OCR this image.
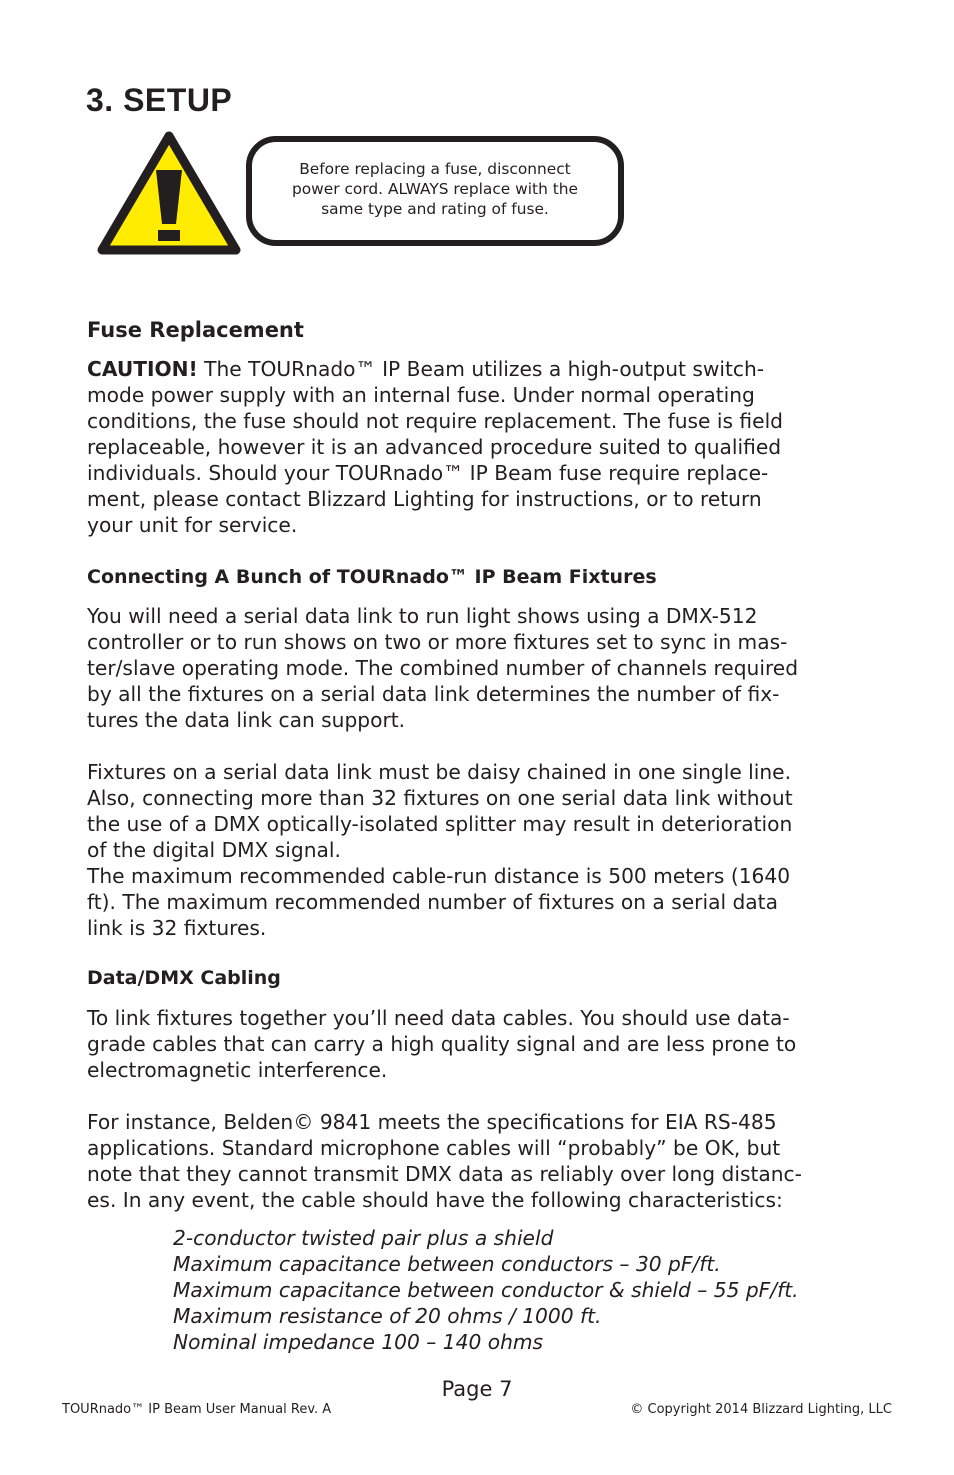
3. SETUP
Before replacing a fuse, disconnect
power cord. ALWAYS replace with the
same type and rating of fuse.
Fuse Replacement

CAUTION! The TOURnado™ IP Beam utilizes a high-output switch-
mode power supply with an internal fuse. Under normal operating
conditions, the fuse should not require replacement. The fuse is field
replaceable, however it is an advanced procedure suited to qualified
individuals. Should your TOURnado™ IP Beam fuse require replace-
ment, please contact Blizzard Lighting for instructions, or to return
your unit for service.

Connecting A Bunch of TOURnado™ IP Beam Fixtures

You will need a serial data link to run light shows using a DMX-512
controller or to run shows on two or more fixtures set to sync in mas-
ter/slave operating mode. The combined number of channels required
by all the fixtures on a serial data link determines the number of fix-
tures the data link can support.

Fixtures on a serial data link must be daisy chained in one single line.
Also, connecting more than 32 fixtures on one serial data link without
the use of a DMX optically-isolated splitter may result in deterioration
of the digital DMX signal.
The maximum recommended cable-run distance is 500 meters (1640
ft). The maximum recommended number of fixtures on a serial data
link is 32 fixtures.

Data/DMX Cabling

To link fixtures together you’ll need data cables. You should use data-
grade cables that can carry a high quality signal and are less prone to
electromagnetic interference.

For instance, Belden© 9841 meets the specifications for EIA RS-485
applications. Standard microphone cables will “probably” be OK, but
note that they cannot transmit DMX data as reliably over long distanc-
es. In any event, the cable should have the following characteristics:

2-conductor twisted pair plus a shield
Maximum capacitance between conductors – 30 pF/ft.
Maximum capacitance between conductor & shield – 55 pF/ft.
Maximum resistance of 20 ohms / 1000 ft.
Nominal impedance 100 – 140 ohms
Page 7
TOURnado™ IP Beam User Manual Rev. A	© Copyright 2014 Blizzard Lighting, LLC
